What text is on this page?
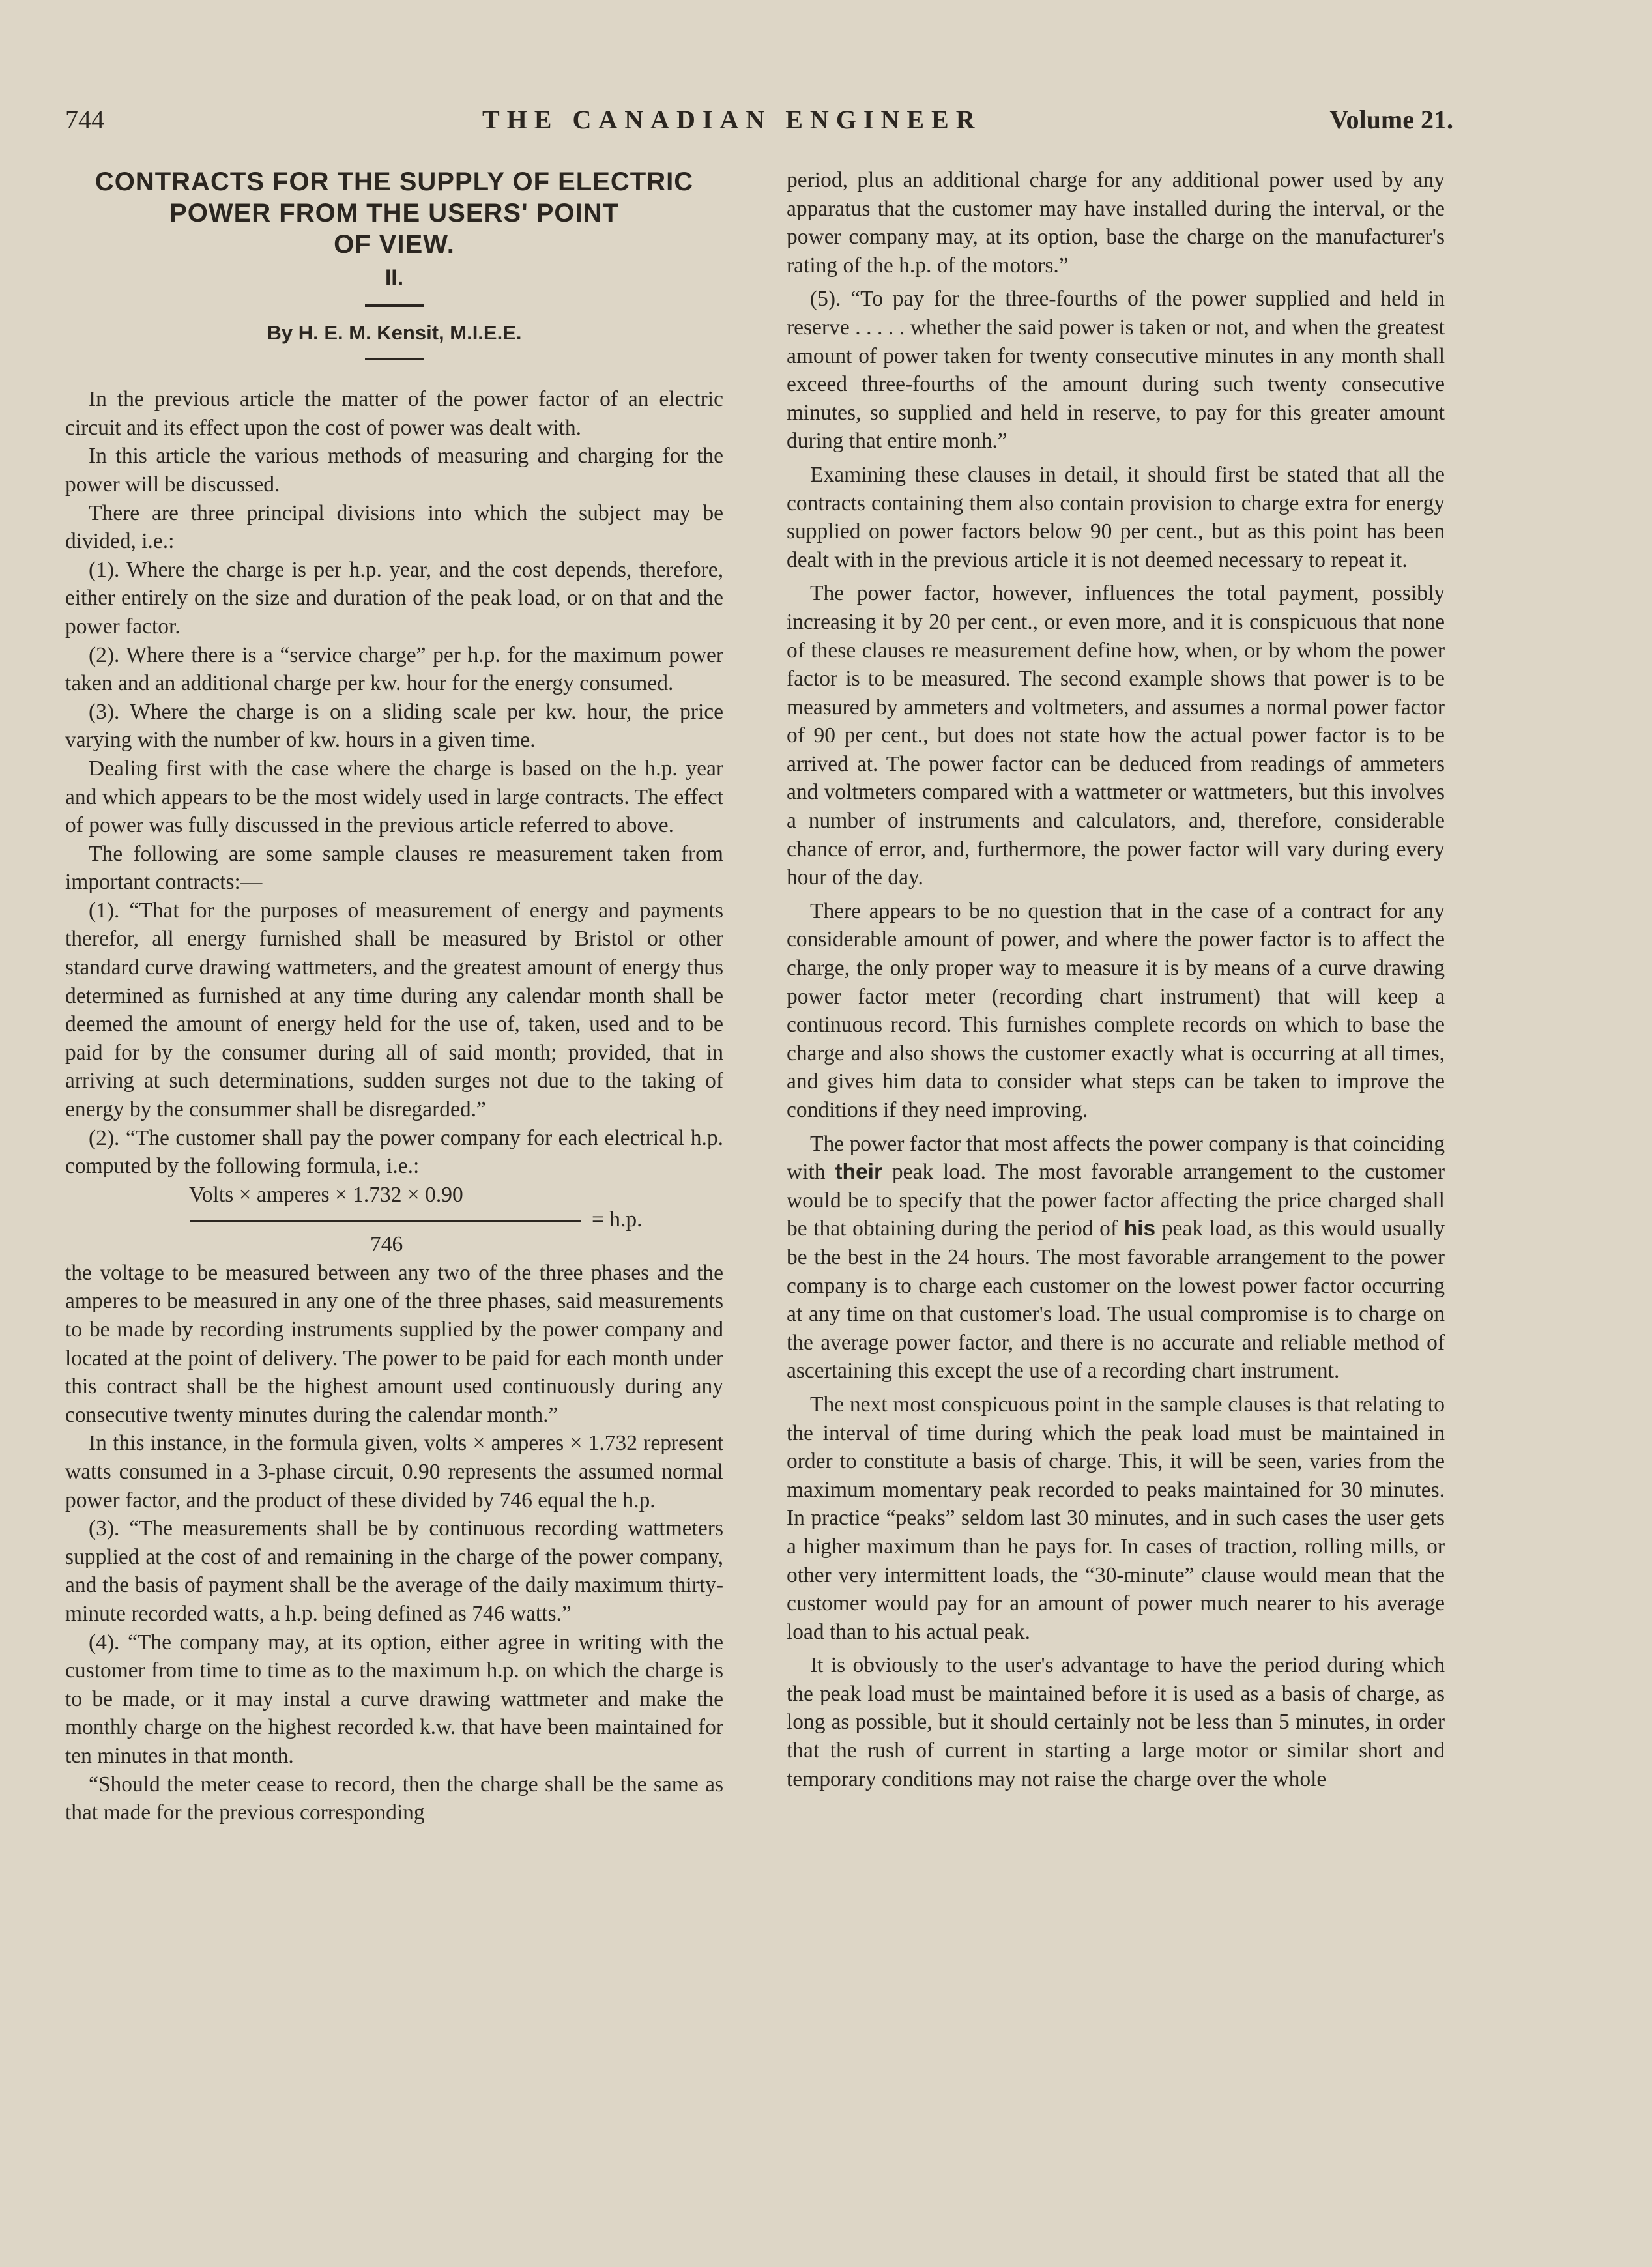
744	THE CANADIAN ENGINEER	Volume 21.
CONTRACTS FOR THE SUPPLY OF ELECTRIC
POWER FROM THE USERS' POINT
OF VIEW.
II.
By H. E. M. Kensit, M.I.E.E.

In the previous article the matter of the power factor of an electric circuit and its effect upon the cost of power was dealt with.

In this article the various methods of measuring and charging for the power will be discussed.

There are three principal divisions into which the subject may be divided, i.e.:

(1). Where the charge is per h.p. year, and the cost depends, therefore, either entirely on the size and duration of the peak load, or on that and the power factor.

(2). Where there is a “service charge” per h.p. for the maximum power taken and an additional charge per kw. hour for the energy consumed.

(3). Where the charge is on a sliding scale per kw. hour, the price varying with the number of kw. hours in a given time.

Dealing first with the case where the charge is based on the h.p. year and which appears to be the most widely used in large contracts. The effect of power was fully discussed in the previous article referred to above.

The following are some sample clauses re measurement taken from important contracts:—

(1). “That for the purposes of measurement of energy and payments therefor, all energy furnished shall be measured by Bristol or other standard curve drawing wattmeters, and the greatest amount of energy thus determined as furnished at any time during any calendar month shall be deemed the amount of energy held for the use of, taken, used and to be paid for by the consumer during all of said month; provided, that in arriving at such determinations, sudden surges not due to the taking of energy by the consummer shall be disregarded.”

(2). “The customer shall pay the power company for each electrical h.p. computed by the following formula, i.e.:

Volts × amperes × 1.732 × 0.90
= h.p.
746

the voltage to be measured between any two of the three phases and the amperes to be measured in any one of the three phases, said measurements to be made by recording instruments supplied by the power company and located at the point of delivery. The power to be paid for each month under this contract shall be the highest amount used continuously during any consecutive twenty minutes during the calendar month.”

In this instance, in the formula given, volts × amperes × 1.732 represent watts consumed in a 3-phase circuit, 0.90 represents the assumed normal power factor, and the product of these divided by 746 equal the h.p.

(3). “The measurements shall be by continuous recording wattmeters supplied at the cost of and remaining in the charge of the power company, and the basis of payment shall be the average of the daily maximum thirty-minute recorded watts, a h.p. being defined as 746 watts.”

(4). “The company may, at its option, either agree in writing with the customer from time to time as to the maximum h.p. on which the charge is to be made, or it may instal a curve drawing wattmeter and make the monthly charge on the highest recorded k.w. that have been maintained for ten minutes in that month.

“Should the meter cease to record, then the charge shall be the same as that made for the previous corresponding

period, plus an additional charge for any additional power used by any apparatus that the customer may have installed during the interval, or the power company may, at its option, base the charge on the manufacturer's rating of the h.p. of the motors.”

(5). “To pay for the three-fourths of the power supplied and held in reserve . . . . . whether the said power is taken or not, and when the greatest amount of power taken for twenty consecutive minutes in any month shall exceed three-fourths of the amount during such twenty consecutive minutes, so supplied and held in reserve, to pay for this greater amount during that entire monh.”

Examining these clauses in detail, it should first be stated that all the contracts containing them also contain provision to charge extra for energy supplied on power factors below 90 per cent., but as this point has been dealt with in the previous article it is not deemed necessary to repeat it.

The power factor, however, influences the total payment, possibly increasing it by 20 per cent., or even more, and it is conspicuous that none of these clauses re measurement define how, when, or by whom the power factor is to be measured. The second example shows that power is to be measured by ammeters and voltmeters, and assumes a normal power factor of 90 per cent., but does not state how the actual power factor is to be arrived at. The power factor can be deduced from readings of ammeters and voltmeters compared with a wattmeter or wattmeters, but this involves a number of instruments and calculators, and, therefore, considerable chance of error, and, furthermore, the power factor will vary during every hour of the day.

There appears to be no question that in the case of a contract for any considerable amount of power, and where the power factor is to affect the charge, the only proper way to measure it is by means of a curve drawing power factor meter (recording chart instrument) that will keep a continuous record. This furnishes complete records on which to base the charge and also shows the customer exactly what is occurring at all times, and gives him data to consider what steps can be taken to improve the conditions if they need improving.

The power factor that most affects the power company is that coinciding with their peak load. The most favorable arrangement to the customer would be to specify that the power factor affecting the price charged shall be that obtaining during the period of his peak load, as this would usually be the best in the 24 hours. The most favorable arrangement to the power company is to charge each customer on the lowest power factor occurring at any time on that customer's load. The usual compromise is to charge on the average power factor, and there is no accurate and reliable method of ascertaining this except the use of a recording chart instrument.

The next most conspicuous point in the sample clauses is that relating to the interval of time during which the peak load must be maintained in order to constitute a basis of charge. This, it will be seen, varies from the maximum momentary peak recorded to peaks maintained for 30 minutes. In practice “peaks” seldom last 30 minutes, and in such cases the user gets a higher maximum than he pays for. In cases of traction, rolling mills, or other very intermittent loads, the “30-minute” clause would mean that the customer would pay for an amount of power much nearer to his average load than to his actual peak.

It is obviously to the user's advantage to have the period during which the peak load must be maintained before it is used as a basis of charge, as long as possible, but it should certainly not be less than 5 minutes, in order that the rush of current in starting a large motor or similar short and temporary conditions may not raise the charge over the whole
